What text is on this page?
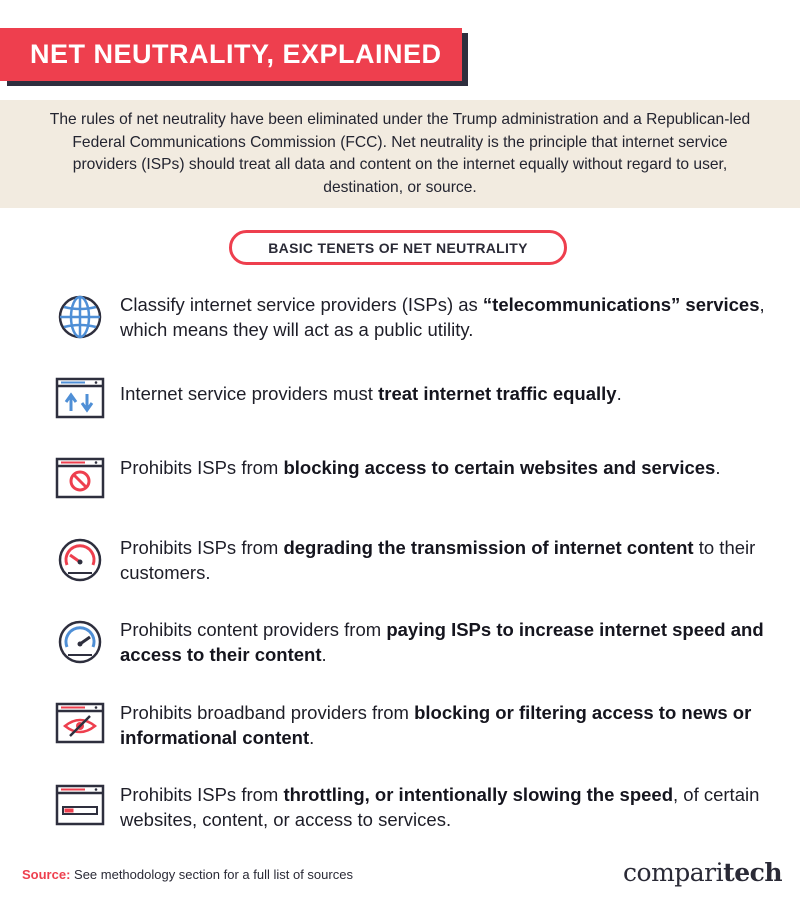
NET NEUTRALITY, EXPLAINED

The rules of net neutrality have been eliminated under the Trump administration and a Republican-led Federal Communications Commission (FCC). Net neutrality is the principle that internet service providers (ISPs) should treat all data and content on the internet equally without regard to user, destination, or source.

BASIC TENETS OF NET NEUTRALITY
Classify internet service providers (ISPs) as “telecommunications” services, which means they will act as a public utility.
Internet service providers must treat internet traffic equally.
Prohibits ISPs from blocking access to certain websites and services.
Prohibits ISPs from degrading the transmission of internet content to their customers.
Prohibits content providers from paying ISPs to increase internet speed and access to their content.
Prohibits broadband providers from blocking or filtering access to news or informational content.
Prohibits ISPs from throttling, or intentionally slowing the speed, of certain websites, content, or access to services.
Source: See methodology section for a full list of sources	comparitech
